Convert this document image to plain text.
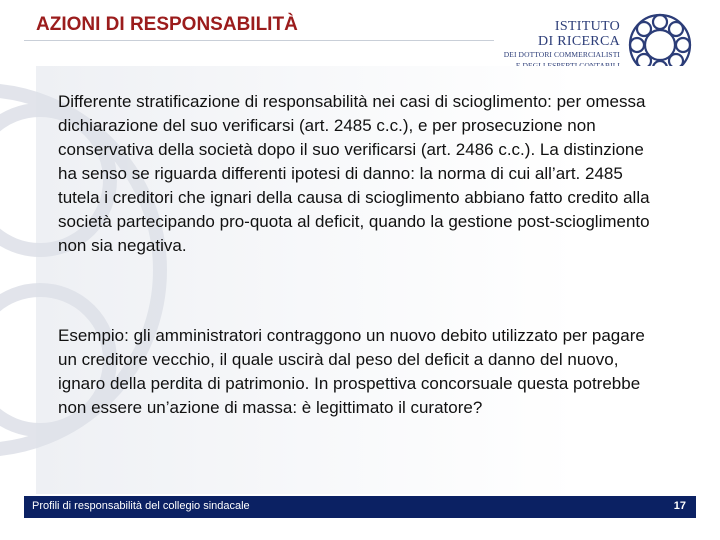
AZIONI DI RESPONSABILITÀ	ISTITUTO
DI RICERCA
DEI DOTTORI COMMERCIALISTI
Differente stratificazione di responsabilità nei casi di scioglimento: per omessa dichiarazione del suo verificarsi (art. 2485 c.c.), e per prosecuzione non conservativa della società dopo il suo verificarsi (art. 2486 c.c.). La distinzione ha senso se riguarda differenti ipotesi di danno: la norma di cui all’art. 2485 tutela i creditori che ignari della causa di scioglimento abbiano fatto credito alla società partecipando pro-quota al deficit, quando la gestione post-scioglimento non sia negativa.
Esempio: gli amministratori contraggono un nuovo debito utilizzato per pagare un creditore vecchio, il quale uscirà dal peso del deficit a danno del nuovo, ignaro della perdita di patrimonio. In prospettiva concorsuale questa potrebbe non essere un’azione di massa: è legittimato il curatore?
Profili di responsabilità del collegio sindacale	17
